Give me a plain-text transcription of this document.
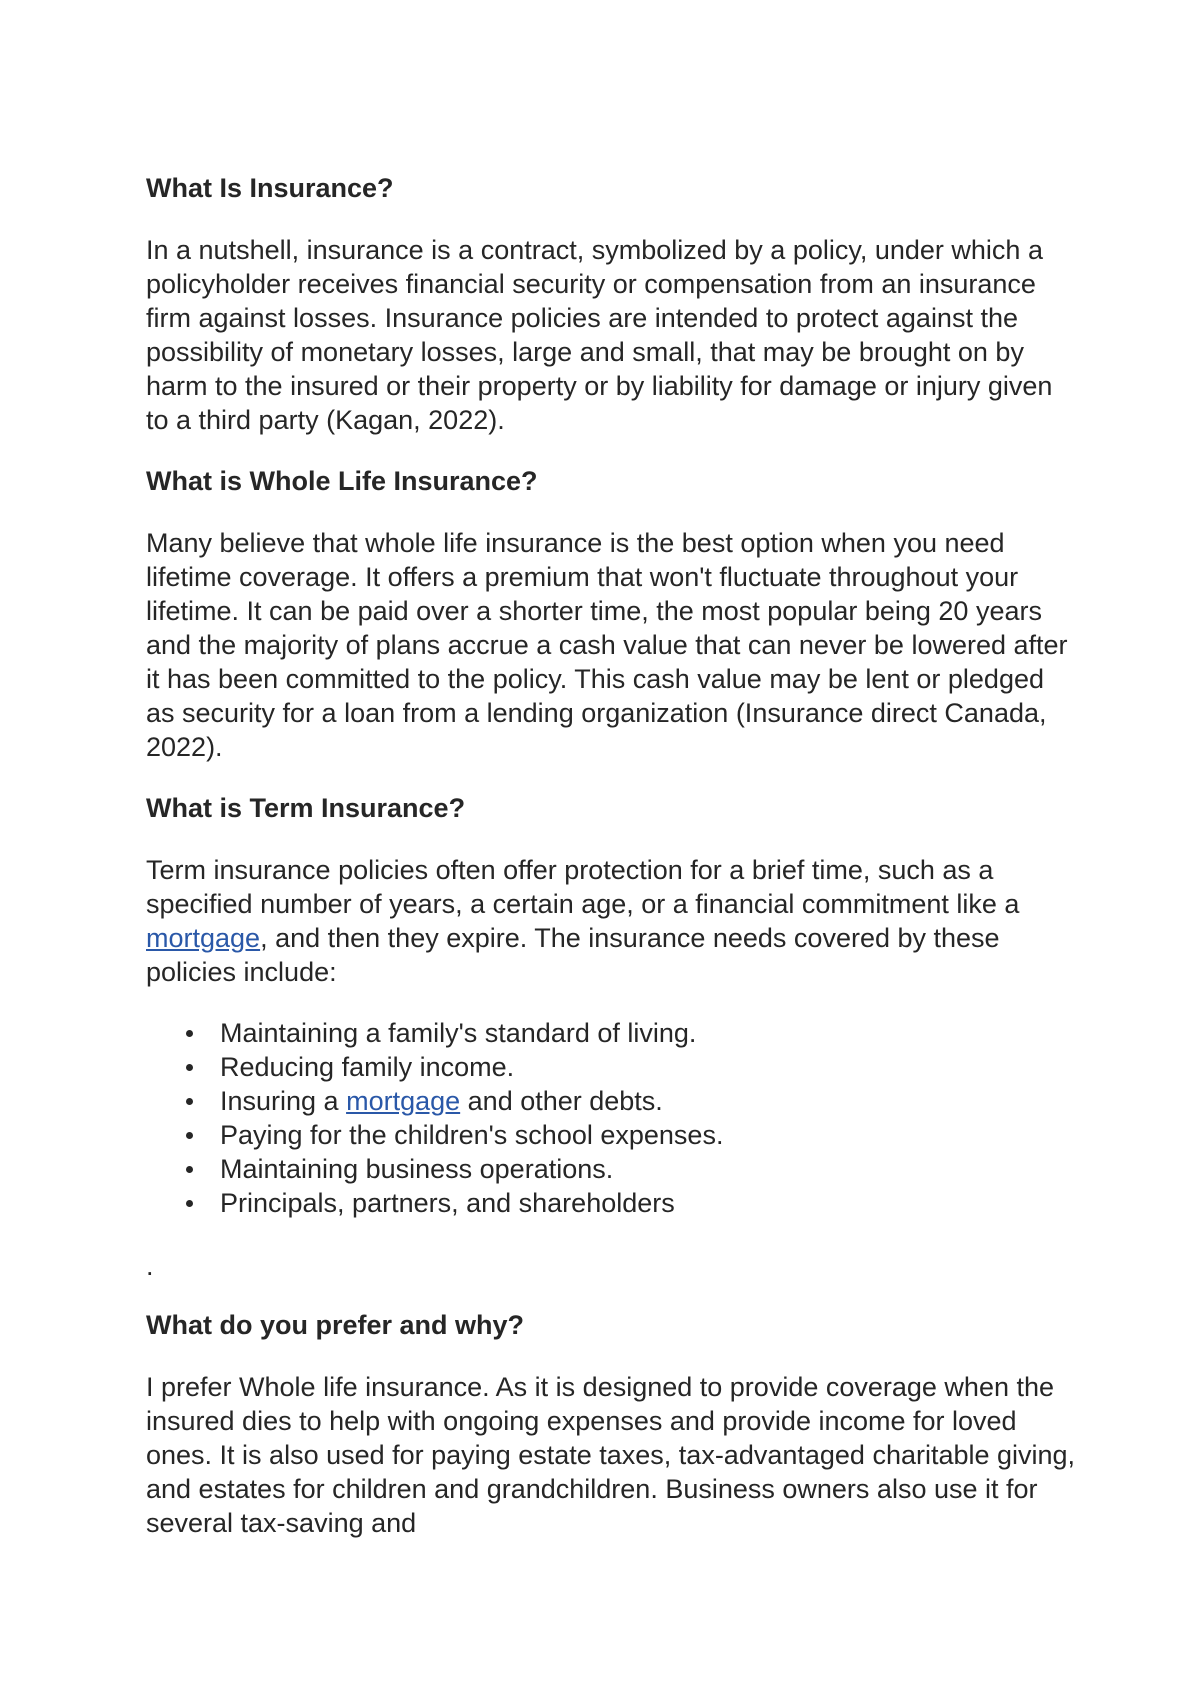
What Is Insurance?

In a nutshell, insurance is a contract, symbolized by a policy, under which a policyholder receives financial security or compensation from an insurance firm against losses. Insurance policies are intended to protect against the possibility of monetary losses, large and small, that may be brought on by harm to the insured or their property or by liability for damage or injury given to a third party (Kagan, 2022).

What is Whole Life Insurance?

Many believe that whole life insurance is the best option when you need lifetime coverage. It offers a premium that won't fluctuate throughout your lifetime. It can be paid over a shorter time, the most popular being 20 years and the majority of plans accrue a cash value that can never be lowered after it has been committed to the policy. This cash value may be lent or pledged as security for a loan from a lending organization (Insurance direct Canada, 2022).

What is Term Insurance?

Term insurance policies often offer protection for a brief time, such as a specified number of years, a certain age, or a financial commitment like a mortgage, and then they expire. The insurance needs covered by these policies include:

Maintaining a family's standard of living.
Reducing family income.
Insuring a mortgage and other debts.
Paying for the children's school expenses.
Maintaining business operations.
Principals, partners, and shareholders

.

What do you prefer and why?

I prefer Whole life insurance. As it is designed to provide coverage when the insured dies to help with ongoing expenses and provide income for loved ones. It is also used for paying estate taxes, tax-advantaged charitable giving, and estates for children and grandchildren. Business owners also use it for several tax-saving and
